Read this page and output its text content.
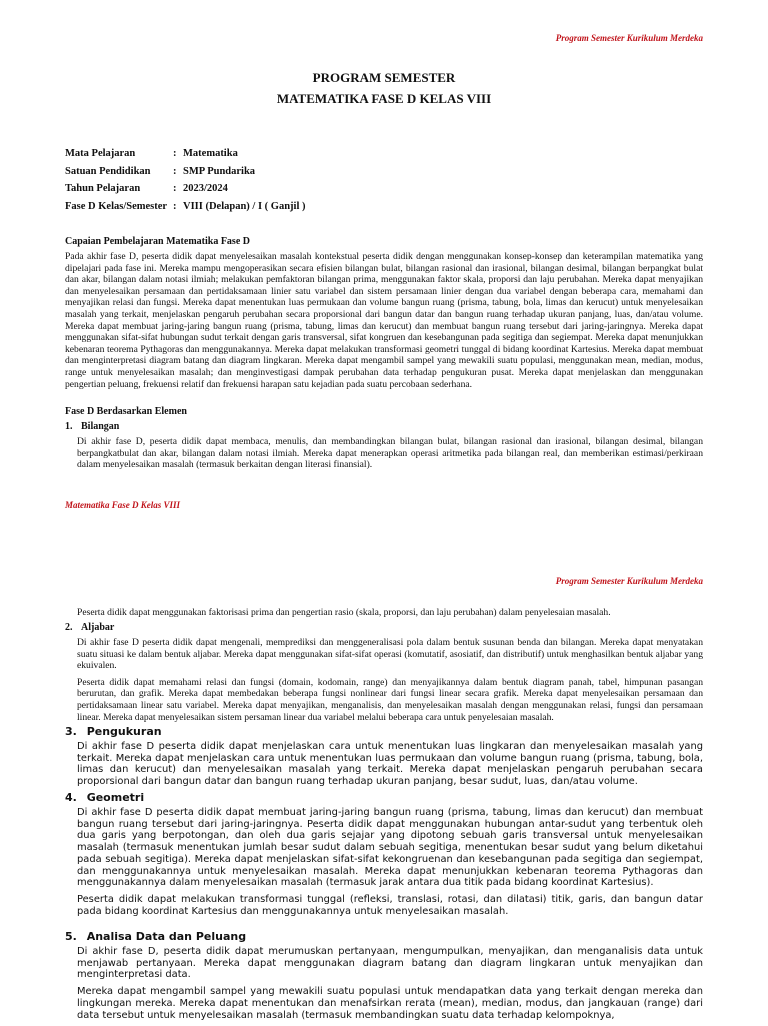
Program Semester Kurikulum Merdeka
PROGRAM SEMESTER
MATEMATIKA FASE D KELAS VIII
Mata Pelajaran	: Matematika
Satuan Pendidikan	: SMP Pundarika
Tahun Pelajaran	: 2023/2024
Fase D Kelas/Semester : VIII (Delapan) / I ( Ganjil )
Capaian Pembelajaran Matematika Fase D

Pada akhir fase D, peserta didik dapat menyelesaikan masalah kontekstual peserta didik dengan menggunakan konsep-konsep dan keterampilan matematika yang dipelajari pada fase ini. Mereka mampu mengoperasikan secara efisien bilangan bulat, bilangan rasional dan irasional, bilangan desimal, bilangan berpangkat bulat dan akar, bilangan dalam notasi ilmiah; melakukan pemfaktoran bilangan prima, menggunakan faktor skala, proporsi dan laju perubahan. Mereka dapat menyajikan dan menyelesaikan persamaan dan pertidaksamaan linier satu variabel dan sistem persamaan linier dengan dua variabel dengan beberapa cara, memahami dan menyajikan relasi dan fungsi. Mereka dapat menentukan luas permukaan dan volume bangun ruang (prisma, tabung, bola, limas dan kerucut) untuk menyelesaikan masalah yang terkait, menjelaskan pengaruh perubahan secara proporsional dari bangun datar dan bangun ruang terhadap ukuran panjang, luas, dan/atau volume. Mereka dapat membuat jaring-jaring bangun ruang (prisma, tabung, limas dan kerucut) dan membuat bangun ruang tersebut dari jaring-jaringnya. Mereka dapat menggunakan sifat-sifat hubungan sudut terkait dengan garis transversal, sifat kongruen dan kesebangunan pada segitiga dan segiempat. Mereka dapat menunjukkan kebenaran teorema Pythagoras dan menggunakannya. Mereka dapat melakukan transformasi geometri tunggal di bidang koordinat Kartesius. Mereka dapat membuat dan menginterpretasi diagram batang dan diagram lingkaran. Mereka dapat mengambil sampel yang mewakili suatu populasi, menggunakan mean, median, modus, range untuk menyelesaikan masalah; dan menginvestigasi dampak perubahan data terhadap pengukuran pusat. Mereka dapat menjelaskan dan menggunakan pengertian peluang, frekuensi relatif dan frekuensi harapan satu kejadian pada suatu percobaan sederhana.

Fase D Berdasarkan Elemen
1. Bilangan

Di akhir fase D, peserta didik dapat membaca, menulis, dan membandingkan bilangan bulat, bilangan rasional dan irasional, bilangan desimal, bilangan berpangkatbulat dan akar, bilangan dalam notasi ilmiah. Mereka dapat menerapkan operasi aritmetika pada bilangan real, dan memberikan estimasi/perkiraan dalam menyelesaikan masalah (termasuk berkaitan dengan literasi finansial).

Matematika Fase D Kelas VIII
Program Semester Kurikulum Merdeka

Peserta didik dapat menggunakan faktorisasi prima dan pengertian rasio (skala, proporsi, dan laju perubahan) dalam penyelesaian masalah.

2. Aljabar

Di akhir fase D peserta didik dapat mengenali, memprediksi dan menggeneralisasi pola dalam bentuk susunan benda dan bilangan. Mereka dapat menyatakan suatu situasi ke dalam bentuk aljabar. Mereka dapat menggunakan sifat-sifat operasi (komutatif, asosiatif, dan distributif) untuk menghasilkan bentuk aljabar yang ekuivalen.

Peserta didik dapat memahami relasi dan fungsi (domain, kodomain, range) dan menyajikannya dalam bentuk diagram panah, tabel, himpunan pasangan berurutan, dan grafik. Mereka dapat membedakan beberapa fungsi nonlinear dari fungsi linear secara grafik. Mereka dapat menyelesaikan persamaan dan pertidaksamaan linear satu variabel. Mereka dapat menyajikan, menganalisis, dan menyelesaikan masalah dengan menggunakan relasi, fungsi dan persamaan linear. Mereka dapat menyelesaikan sistem persaman linear dua variabel melalui beberapa cara untuk penyelesaian masalah.

3. Pengukuran

Di akhir fase D peserta didik dapat menjelaskan cara untuk menentukan luas lingkaran dan menyelesaikan masalah yang terkait. Mereka dapat menjelaskan cara untuk menentukan luas permukaan dan volume bangun ruang (prisma, tabung, bola, limas dan kerucut) dan menyelesaikan masalah yang terkait. Mereka dapat menjelaskan pengaruh perubahan secara proporsional dari bangun datar dan bangun ruang terhadap ukuran panjang, besar sudut, luas, dan/atau volume.

4. Geometri

Di akhir fase D peserta didik dapat membuat jaring-jaring bangun ruang (prisma, tabung, limas dan kerucut) dan membuat bangun ruang tersebut dari jaring-jaringnya. Peserta didik dapat menggunakan hubungan antar-sudut yang terbentuk oleh dua garis yang berpotongan, dan oleh dua garis sejajar yang dipotong sebuah garis transversal untuk menyelesaikan masalah (termasuk menentukan jumlah besar sudut dalam sebuah segitiga, menentukan besar sudut yang belum diketahui pada sebuah segitiga). Mereka dapat menjelaskan sifat-sifat kekongruenan dan kesebangunan pada segitiga dan segiempat, dan menggunakannya untuk menyelesaikan masalah. Mereka dapat menunjukkan kebenaran teorema Pythagoras dan menggunakannya dalam menyelesaikan masalah (termasuk jarak antara dua titik pada bidang koordinat Kartesius).

Peserta didik dapat melakukan transformasi tunggal (refleksi, translasi, rotasi, dan dilatasi) titik, garis, dan bangun datar pada bidang koordinat Kartesius dan menggunakannya untuk menyelesaikan masalah.

5. Analisa Data dan Peluang

Di akhir fase D, peserta didik dapat merumuskan pertanyaan, mengumpulkan, menyajikan, dan menganalisis data untuk menjawab pertanyaan. Mereka dapat menggunakan diagram batang dan diagram lingkaran untuk menyajikan dan menginterpretasi data.

Mereka dapat mengambil sampel yang mewakili suatu populasi untuk mendapatkan data yang terkait dengan mereka dan lingkungan mereka. Mereka dapat menentukan dan menafsirkan rerata (mean), median, modus, dan jangkauan (range) dari data tersebut untuk menyelesaikan masalah (termasuk membandingkan suatu data terhadap kelompoknya,
